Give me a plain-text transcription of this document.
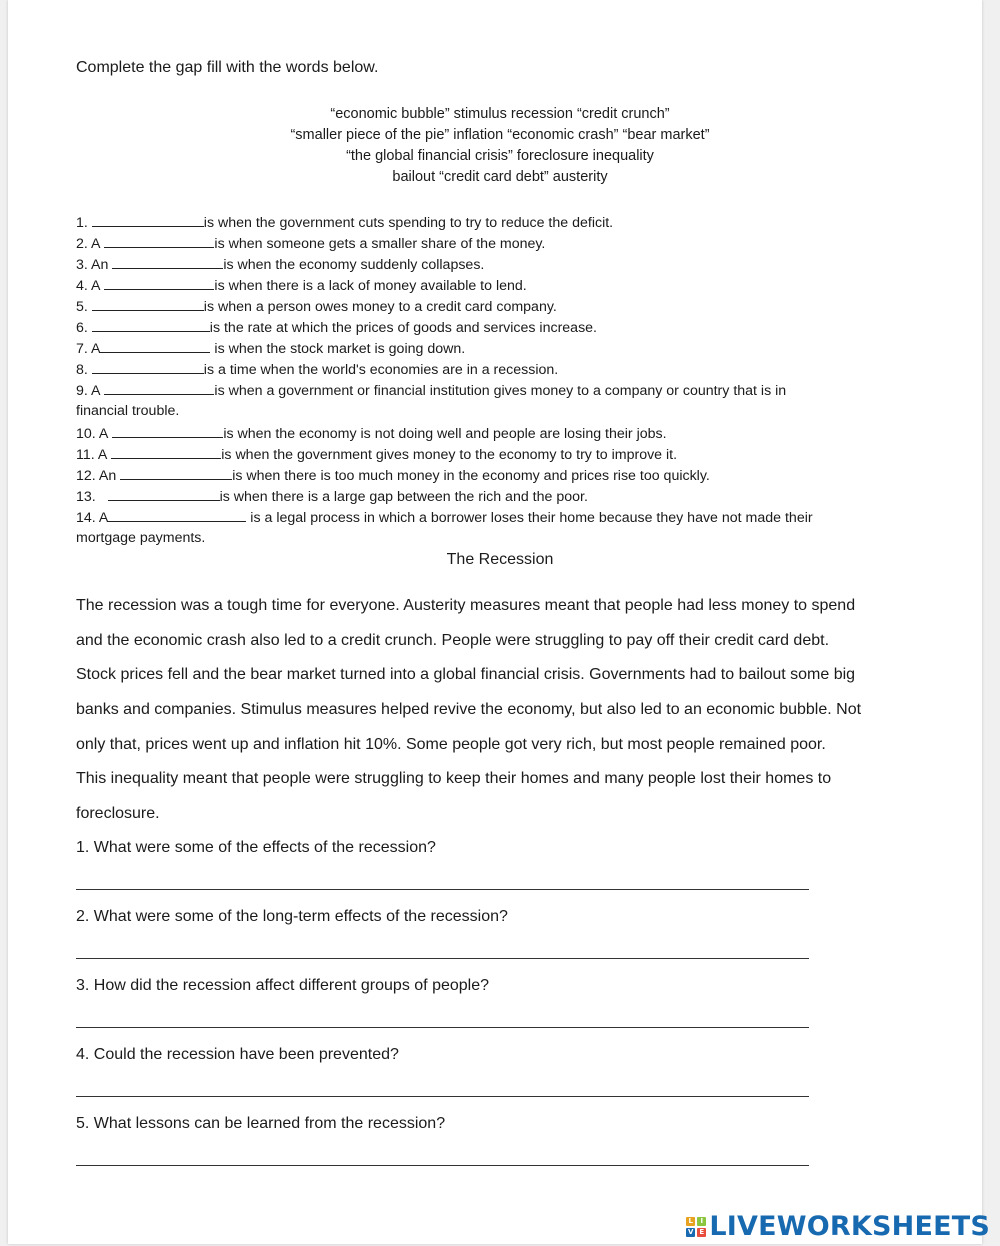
Complete the gap fill with the words below.
“economic bubble” stimulus recession “credit crunch”
“smaller piece of the pie” inflation “economic crash” “bear market”
“the global financial crisis” foreclosure inequality
bailout “credit card debt” austerity
1.	is when the government cuts spending to try to reduce the deficit.
2. A	is when someone gets a smaller share of the money.
3. An	is when the economy suddenly collapses.
4. A	is when there is a lack of money available to lend.
5.	is when a person owes money to a credit card company.
6.	is the rate at which the prices of goods and services increase.
7. A	is when the stock market is going down.
8.	is a time when the world's economies are in a recession.
9. A	is when a government or financial institution gives money to a company or country that is in
financial trouble.
10. A	is when the economy is not doing well and people are losing their jobs.
11. A	is when the government gives money to the economy to try to improve it.
12. An	is when there is too much money in the economy and prices rise too quickly.
13.	is when there is a large gap between the rich and the poor.
14. A	is a legal process in which a borrower loses their home because they have not made their
mortgage payments.
The Recession
The recession was a tough time for everyone. Austerity measures meant that people had less money to spend
and the economic crash also led to a credit crunch. People were struggling to pay off their credit card debt.
Stock prices fell and the bear market turned into a global financial crisis. Governments had to bailout some big
banks and companies. Stimulus measures helped revive the economy, but also led to an economic bubble. Not
only that, prices went up and inflation hit 10%. Some people got very rich, but most people remained poor.
This inequality meant that people were struggling to keep their homes and many people lost their homes to
foreclosure.
1. What were some of the effects of the recession?
2. What were some of the long-term effects of the recession?
3. How did the recession affect different groups of people?
4. Could the recession have been prevented?
5. What lessons can be learned from the recession?
L	I
V E LIVEWORKSHEETS
